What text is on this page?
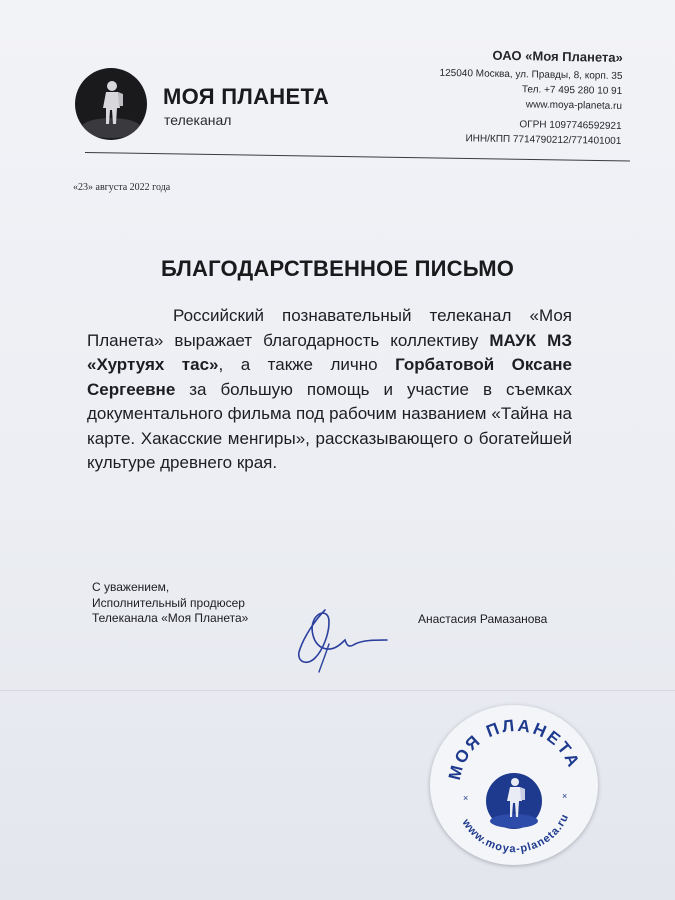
МОЯ ПЛАНЕТА
телеканал
ОАО «Моя Планета»
125040 Москва, ул. Правды, 8, корп. 35
Тел. +7 495 280 10 91
www.moya-planeta.ru
ОГРН 1097746592921
ИНН/КПП 7714790212/771401001
«23» августа 2022 года
БЛАГОДАРСТВЕННОЕ ПИСЬМО
Российский познавательный телеканал «Моя Планета» выражает благодарность коллективу МАУК МЗ «Хуртуях тас», а также лично Горбатовой Оксане Сергеевне за большую помощь и участие в съемках документального фильма под рабочим названием «Тайна на карте. Хакасские менгиры», рассказывающего о богатейшей культуре древнего края.
С уважением,
Исполнительный продюсер
Телеканала «Моя Планета»	Анастасия Рамазанова
МОЯ ПЛАНЕТА
www.moya-planeta.ru
×	×
